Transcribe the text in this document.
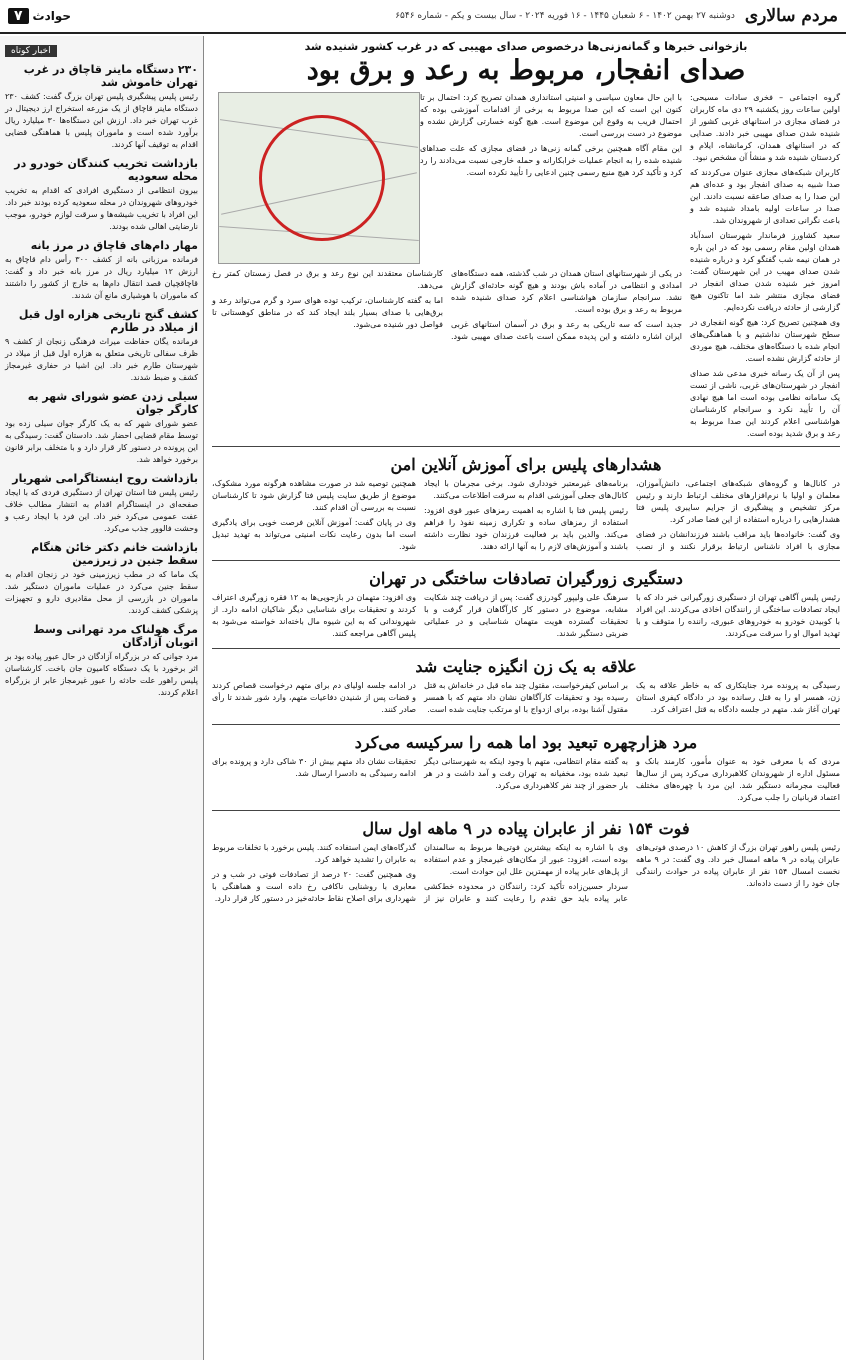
مردم سالاری
دوشنبه ۲۷ بهمن ۱۴۰۲ - ۶ شعبان ۱۴۴۵ - ۱۶ فوریه ۲۰۲۴ - سال بیست و یکم - شماره ۶۵۴۶
حوادث
۷
بازخوانی خبرها و گمانه‌زنی‌ها درخصوص صدای مهیبی که در غرب کشور شنیده شد
صدای انفجار، مربوط به رعد و برق بود

گروه اجتماعی – فخری سادات مسیحی: اولین ساعات روز یکشنبه ۲۹ دی ماه کاربران در فضای مجازی در استانهای غربی کشور از شنیده شدن صدای مهیبی خبر دادند. صدایی که در استانهای همدان، کرمانشاه، ایلام و کردستان شنیده شد و منشأ آن مشخص نبود.

کاربران شبکه‌های مجازی عنوان می‌کردند که صدا شبیه به صدای انفجار بود و عده‌ای هم این صدا را به صدای صاعقه نسبت دادند. این صدا در ساعات اولیه بامداد شنیده شد و باعث نگرانی تعدادی از شهروندان شد.

سعید کشاورز فرماندار شهرستان اسدآباد همدان اولین مقام رسمی بود که در این باره در همان نیمه شب گفتگو کرد و درباره شنیده شدن صدای مهیب در این شهرستان گفت: امروز خبر شنیده شدن صدای انفجار در فضای مجازی منتشر شد اما تاکنون هیچ گزارشی از حادثه دریافت نکرده‌ایم.

وی همچنین تصریح کرد: هیچ گونه انفجاری در سطح شهرستان نداشتیم و با هماهنگی‌های انجام شده با دستگاه‌های مختلف، هیچ موردی از حادثه گزارش نشده است.

پس از آن یک رسانه خبری مدعی شد صدای انفجار در شهرستان‌های غربی، ناشی از تست یک سامانه نظامی بوده است اما هیچ نهادی آن را تأیید نکرد و سرانجام کارشناسان هواشناسی اعلام کردند این صدا مربوط به رعد و برق شدید بوده است.

با این حال معاون سیاسی و امنیتی استانداری همدان تصریح کرد: احتمال بر تا کنون این است که این صدا مربوط به برخی از اقدامات آموزشی بوده که احتمال فریب به وقوع این موضوع است. هیچ گونه خسارتی گزارش نشده و موضوع در دست بررسی است.

این مقام آگاه همچنین برخی گمانه زنی‌ها در فضای مجازی که علت صداهای شنیده شده را به انجام عملیات خرابکارانه و حمله خارجی نسبت می‌دادند را رد کرد و تأکید کرد هیچ منبع رسمی چنین ادعایی را تأیید نکرده است.

در یکی از شهرستانهای استان همدان در شب گذشته، همه دستگاه‌های امدادی و انتظامی در آماده باش بودند و هیچ گونه حادثه‌ای گزارش نشد. سرانجام سازمان هواشناسی اعلام کرد صدای شنیده شده مربوط به رعد و برق بوده است.

جدید است که سه تاریکی به رعد و برق در آسمان استانهای غربی ایران اشاره داشته و این پدیده ممکن است باعث صدای مهیبی شود. کارشناسان معتقدند این نوع رعد و برق در فصل زمستان کمتر رخ می‌دهد.

اما به گفته کارشناسان، ترکیب توده هوای سرد و گرم می‌تواند رعد و برق‌هایی با صدای بسیار بلند ایجاد کند که در مناطق کوهستانی تا فواصل دور شنیده می‌شود.

هشدارهای پلیس برای آموزش آنلاین امن

در کانال‌ها و گروه‌های شبکه‌های اجتماعی، دانش‌آموزان، معلمان و اولیا با نرم‌افزارهای مختلف ارتباط دارند و رئیس مرکز تشخیص و پیشگیری از جرایم سایبری پلیس فتا هشدارهایی را درباره استفاده از این فضا صادر کرد.

وی گفت: خانواده‌ها باید مراقب باشند فرزندانشان در فضای مجازی با افراد ناشناس ارتباط برقرار نکنند و از نصب برنامه‌های غیرمعتبر خودداری شود. برخی مجرمان با ایجاد کانال‌های جعلی آموزشی اقدام به سرقت اطلاعات می‌کنند.

رئیس پلیس فتا با اشاره به اهمیت رمزهای عبور قوی افزود: استفاده از رمزهای ساده و تکراری زمینه نفوذ را فراهم می‌کند. والدین باید بر فعالیت فرزندان خود نظارت داشته باشند و آموزش‌های لازم را به آنها ارائه دهند.

همچنین توصیه شد در صورت مشاهده هرگونه مورد مشکوک، موضوع از طریق سایت پلیس فتا گزارش شود تا کارشناسان نسبت به بررسی آن اقدام کنند.

وی در پایان گفت: آموزش آنلاین فرصت خوبی برای یادگیری است اما بدون رعایت نکات امنیتی می‌تواند به تهدید تبدیل شود.

دستگیری زورگیران تصادفات ساختگی در تهران

رئیس پلیس آگاهی تهران از دستگیری زورگیرانی خبر داد که با ایجاد تصادفات ساختگی از رانندگان اخاذی می‌کردند. این افراد با کوبیدن خودرو به خودروهای عبوری، راننده را متوقف و با تهدید اموال او را سرقت می‌کردند.

سرهنگ علی ولیپور گودرزی گفت: پس از دریافت چند شکایت مشابه، موضوع در دستور کار کارآگاهان قرار گرفت و با تحقیقات گسترده هویت متهمان شناسایی و در عملیاتی ضربتی دستگیر شدند.

وی افزود: متهمان در بازجویی‌ها به ۱۲ فقره زورگیری اعتراف کردند و تحقیقات برای شناسایی دیگر شاکیان ادامه دارد. از شهروندانی که به این شیوه مال باخته‌اند خواسته می‌شود به پلیس آگاهی مراجعه کنند.

علاقه به یک زن انگیزه جنایت شد

رسیدگی به پرونده مرد جنایتکاری که به خاطر علاقه به یک زن، همسر او را به قتل رسانده بود در دادگاه کیفری استان تهران آغاز شد. متهم در جلسه دادگاه به قتل اعتراف کرد.

بر اساس کیفرخواست، مقتول چند ماه قبل در خانه‌اش به قتل رسیده بود و تحقیقات کارآگاهان نشان داد متهم که با همسر مقتول آشنا بوده، برای ازدواج با او مرتکب جنایت شده است.

در ادامه جلسه اولیای دم برای متهم درخواست قصاص کردند و قضات پس از شنیدن دفاعیات متهم، وارد شور شدند تا رأی صادر کنند.

مرد هزارچهره تبعید بود اما همه را سرکیسه می‌کرد

مردی که با معرفی خود به عنوان مأمور، کارمند بانک و مسئول اداره از شهروندان کلاهبرداری می‌کرد پس از سال‌ها فعالیت مجرمانه دستگیر شد. این مرد با چهره‌های مختلف اعتماد قربانیان را جلب می‌کرد.

به گفته مقام انتظامی، متهم با وجود اینکه به شهرستانی دیگر تبعید شده بود، مخفیانه به تهران رفت و آمد داشت و در هر بار حضور از چند نفر کلاهبرداری می‌کرد.

تحقیقات نشان داد متهم بیش از ۳۰ شاکی دارد و پرونده برای ادامه رسیدگی به دادسرا ارسال شد.

فوت ۱۵۴ نفر از عابران پیاده در ۹ ماهه اول سال

رئیس پلیس راهور تهران بزرگ از کاهش ۱۰ درصدی فوتی‌های عابران پیاده در ۹ ماهه امسال خبر داد. وی گفت: در ۹ ماهه نخست امسال ۱۵۴ نفر از عابران پیاده در حوادث رانندگی جان خود را از دست داده‌اند.

وی با اشاره به اینکه بیشترین فوتی‌ها مربوط به سالمندان بوده است، افزود: عبور از مکان‌های غیرمجاز و عدم استفاده از پل‌های عابر پیاده از مهمترین علل این حوادث است.

سردار حسین‌زاده تأکید کرد: رانندگان در محدوده خط‌کشی عابر پیاده باید حق تقدم را رعایت کنند و عابران نیز از گذرگاه‌های ایمن استفاده کنند. پلیس برخورد با تخلفات مربوط به عابران را تشدید خواهد کرد.

وی همچنین گفت: ۲۰ درصد از تصادفات فوتی در شب و در معابری با روشنایی ناکافی رخ داده است و هماهنگی با شهرداری برای اصلاح نقاط حادثه‌خیز در دستور کار قرار دارد.

اخبار کوتاه
۲۳۰ دستگاه ماینر قاچاق در غرب تهران خاموش شد
رئیس پلیس پیشگیری پلیس تهران بزرگ گفت: کشف ۲۳۰ دستگاه ماینر قاچاق از یک مزرعه استخراج ارز دیجیتال در غرب تهران خبر داد. ارزش این دستگاه‌ها ۳۰ میلیارد ریال برآورد شده است و ماموران پلیس با هماهنگی قضایی اقدام به توقیف آنها کردند.
بازداشت تخریب کنندگان خودرو در محله سعودیه
بیرون انتظامی از دستگیری افرادی که اقدام به تخریب خودروهای شهروندان در محله سعودیه کرده بودند خبر داد. این افراد با تخریب شیشه‌ها و سرقت لوازم خودرو، موجب نارضایتی اهالی شده بودند.
مهار دام‌های قاچاق در مرز بانه
فرمانده مرزبانی بانه از کشف ۳۰۰ رأس دام قاچاق به ارزش ۱۲ میلیارد ریال در مرز بانه خبر داد و گفت: قاچاقچیان قصد انتقال دام‌ها به خارج از کشور را داشتند که ماموران با هوشیاری مانع آن شدند.
کشف گنج تاریخی هزاره اول قبل از میلاد در طارم
فرمانده یگان حفاظت میراث فرهنگی زنجان از کشف ۹ ظرف سفالی تاریخی متعلق به هزاره اول قبل از میلاد در شهرستان طارم خبر داد. این اشیا در حفاری غیرمجاز کشف و ضبط شدند.
سیلی زدن عضو شورای شهر به کارگر جوان
عضو شورای شهر که به یک کارگر جوان سیلی زده بود توسط مقام قضایی احضار شد. دادستان گفت: رسیدگی به این پرونده در دستور کار قرار دارد و با متخلف برابر قانون برخورد خواهد شد.
بازداشت روح اینستاگرامی شهریار
رئیس پلیس فتا استان تهران از دستگیری فردی که با ایجاد صفحه‌ای در اینستاگرام اقدام به انتشار مطالب خلاف عفت عمومی می‌کرد خبر داد. این فرد با ایجاد رعب و وحشت فالوور جذب می‌کرد.
بازداشت خانم دکتر خائن هنگام سقط جنین در زیرزمین
یک ماما که در مطب زیرزمینی خود در زنجان اقدام به سقط جنین می‌کرد در عملیات ماموران دستگیر شد. ماموران در بازرسی از محل مقادیری دارو و تجهیزات پزشکی کشف کردند.
مرگ هولناک مرد تهرانی وسط اتوبان آزادگان
مرد جوانی که در بزرگراه آزادگان در حال عبور پیاده بود بر اثر برخورد با یک دستگاه کامیون جان باخت. کارشناسان پلیس راهور علت حادثه را عبور غیرمجاز عابر از بزرگراه اعلام کردند.
